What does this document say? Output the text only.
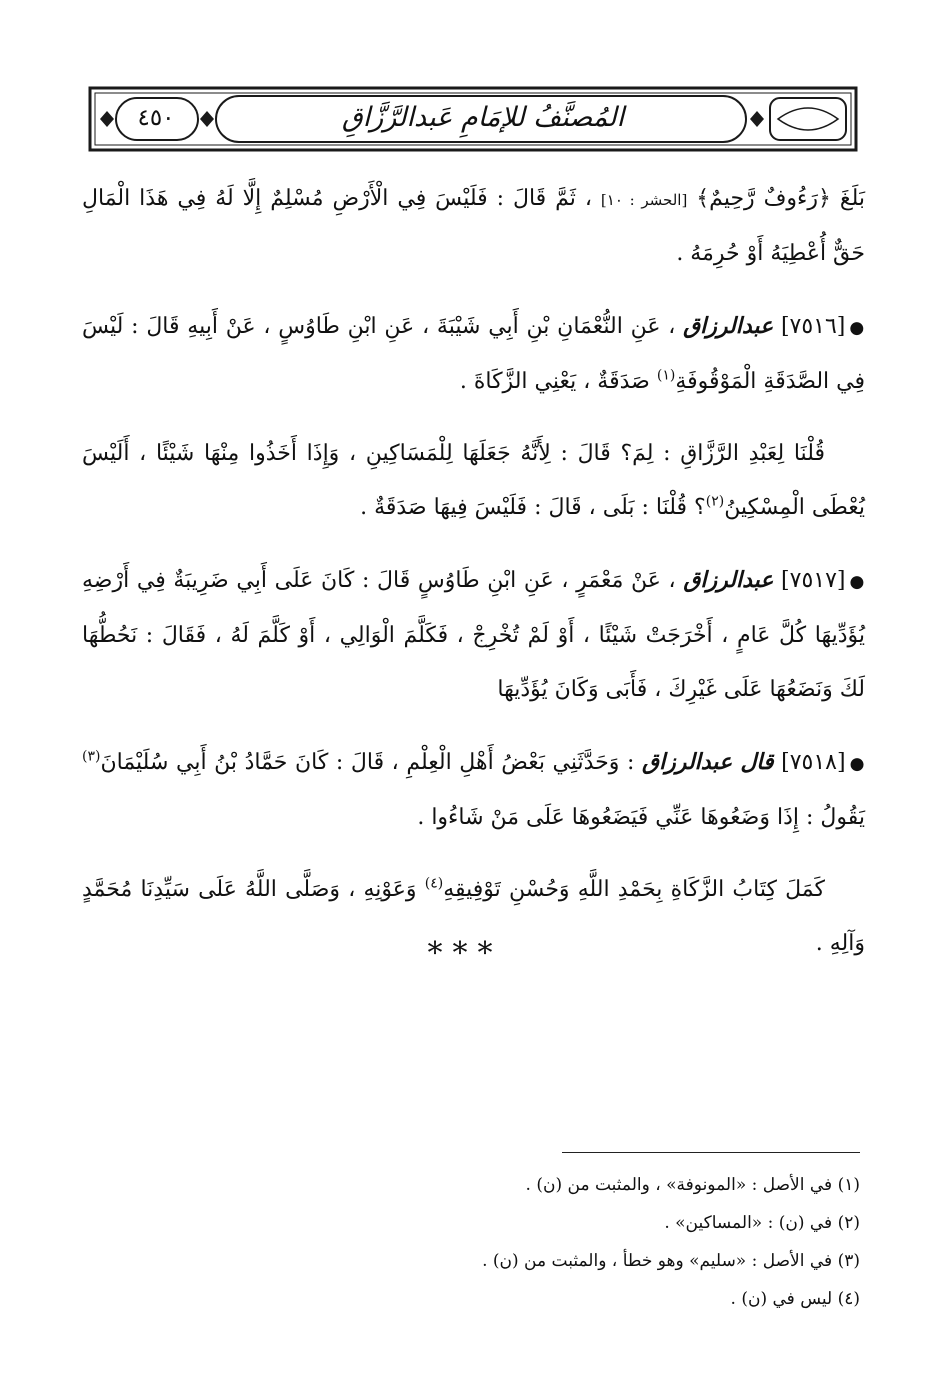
٤٥٠	المُصنَّفُ للإمَامِ عَبدالرَّزَّاقِ

بَلَغَ ﴿رَءُوفٌ رَّحِيمٌ﴾ [الحشر : ١٠] ، ثَمَّ قَالَ : فَلَيْسَ فِي الْأَرْضِ مُسْلِمٌ إِلَّا لَهُ فِي هَذَا الْمَالِ حَقٌّ أُعْطِيَهُ أَوْ حُرِمَهُ .

●[٧٥١٦] عبدالرزاق ، عَنِ النُّعْمَانِ بْنِ أَبِي شَيْبَةَ ، عَنِ ابْنِ طَاوُسٍ ، عَنْ أَبِيهِ قَالَ : لَيْسَ فِي الصَّدَقَةِ الْمَوْقُوفَةِ$^{(١)}$ صَدَقَةٌ ، يَعْنِي الزَّكَاةَ .

قُلْنَا لِعَبْدِ الرَّزَّاقِ : لِمَ؟ قَالَ : لِأَنَّهُ جَعَلَهَا لِلْمَسَاكِينِ ، وَإِذَا أَخَذُوا مِنْهَا شَيْئًا ، أَلَيْسَ يُعْطَى الْمِسْكِينُ$^{(٢)}$؟ قُلْنَا : بَلَى ، قَالَ : فَلَيْسَ فِيهَا صَدَقَةٌ .

●[٧٥١٧] عبدالرزاق ، عَنْ مَعْمَرٍ ، عَنِ ابْنِ طَاوُسٍ قَالَ : كَانَ عَلَى أَبِي ضَرِيبَةٌ فِي أَرْضِهِ يُؤَدِّيهَا كُلَّ عَامٍ ، أَخْرَجَتْ شَيْئًا ، أَوْ لَمْ تُخْرِجْ ، فَكَلَّمَ الْوَالِي ، أَوْ كَلَّمَ لَهُ ، فَقَالَ : نَحُطُّهَا لَكَ وَنَضَعُهَا عَلَى غَيْرِكَ ، فَأَبَى وَكَانَ يُؤَدِّيهَا

●[٧٥١٨] قال عبدالرزاق : وَحَدَّثَنِي بَعْضُ أَهْلِ الْعِلْمِ ، قَالَ : كَانَ حَمَّادُ بْنُ أَبِي سُلَيْمَانَ$^{(٣)}$ يَقُولُ : إِذَا وَضَعُوهَا عَنِّي فَيَضَعُوهَا عَلَى مَنْ شَاءُوا .

كَمَلَ كِتَابُ الزَّكَاةِ بِحَمْدِ اللَّهِ وَحُسْنِ تَوْفِيقِهِ$^{(٤)}$ وَعَوْنِهِ ، وَصَلَّى اللَّهُ عَلَى سَيِّدِنَا مُحَمَّدٍ وَآلِهِ .

***

(١) في الأصل : «المونوفة» ، والمثبت من (ن) .

(٢) في (ن) : «المساكين» .

(٣) في الأصل : «سليم» وهو خطأ ، والمثبت من (ن) .

(٤) ليس في (ن) .
